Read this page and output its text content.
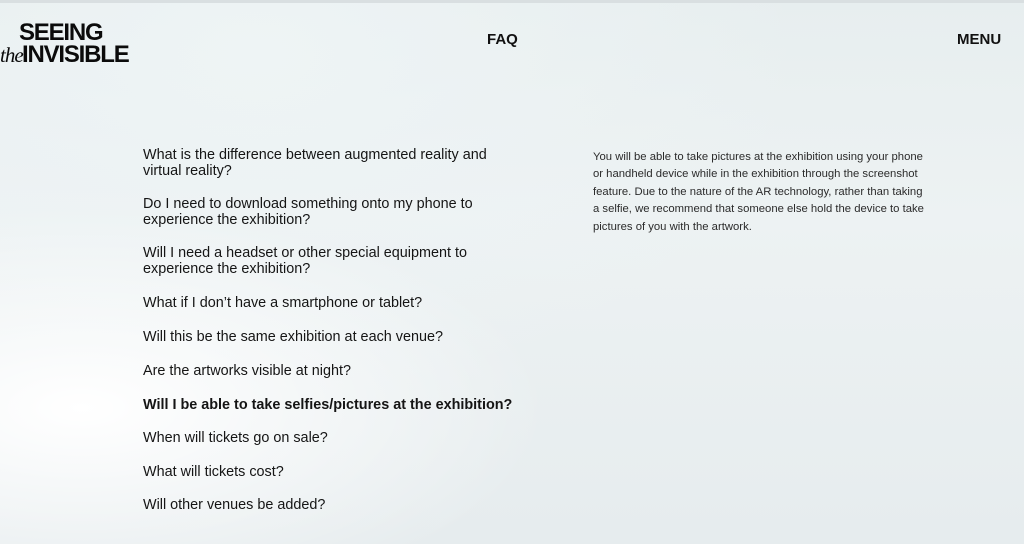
SEEING
the INVISIBLE
FAQ	MENU
What is the difference between augmented reality and virtual reality?
Do I need to download something onto my phone to experience the exhibition?
Will I need a headset or other special equipment to experience the exhibition?
What if I don’t have a smartphone or tablet?
Will this be the same exhibition at each venue?
Are the artworks visible at night?
Will I be able to take selfies/pictures at the exhibition?
When will tickets go on sale?
What will tickets cost?
Will other venues be added?

You will be able to take pictures at the exhibition using your phone or handheld device while in the exhibition through the screenshot feature. Due to the nature of the AR technology, rather than taking a selfie, we recommend that someone else hold the device to take pictures of you with the artwork.
